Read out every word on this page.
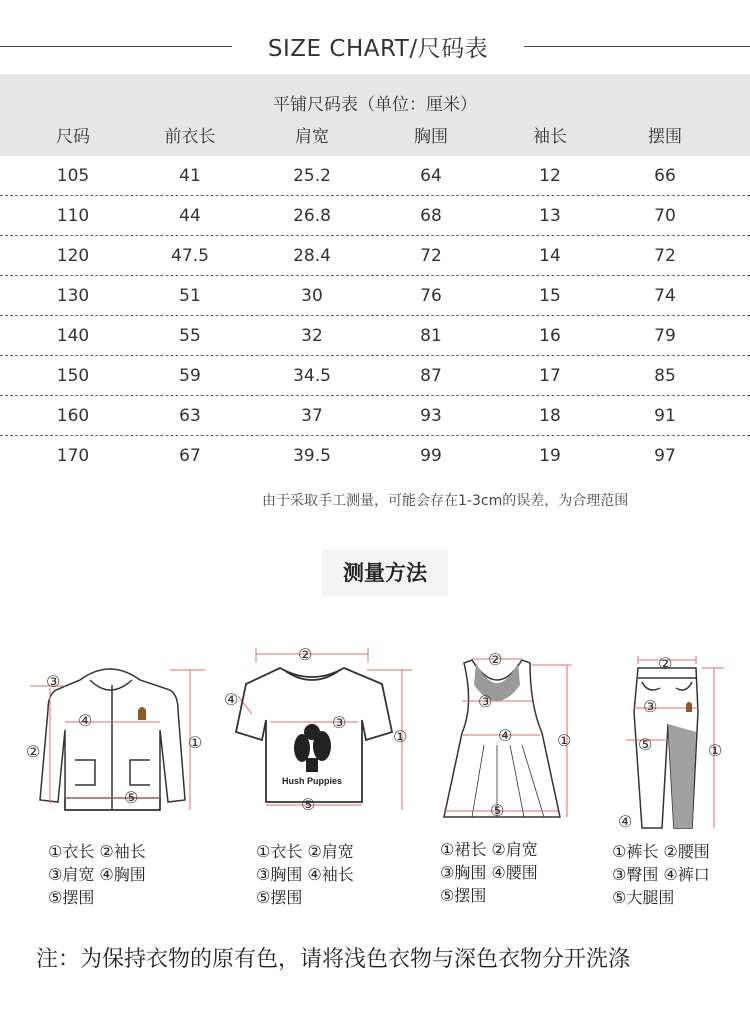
SIZE CHART/尺码表
平铺尺码表（单位：厘米）
尺码	前衣长	肩宽	胸围	袖长	摆围
105	41	25.2	64	12	66
110	44	26.8	68	13	70
120	47.5	28.4	72	14	72
130	51	30	76	15	74
140	55	32	81	16	79
150	59	34.5	87	17	85
160	63	37	93	18	91
170	67	39.5	99	19	97
由于采取手工测量，可能会存在1-3cm的误差，为合理范围
测量方法
③
④
②	①
⑤
Hush Puppies
②
④
③
①
⑤
②
③
④	①
⑤
②
③
⑤	①
④
①衣长 ②袖长
③肩宽 ④胸围
⑤摆围
①衣长 ②肩宽
③胸围 ④袖长
⑤摆围
①裙长 ②肩宽
③胸围 ④腰围
⑤摆围
①裤长 ②腰围
③臀围 ④裤口
⑤大腿围
注：为保持衣物的原有色，请将浅色衣物与深色衣物分开洗涤
